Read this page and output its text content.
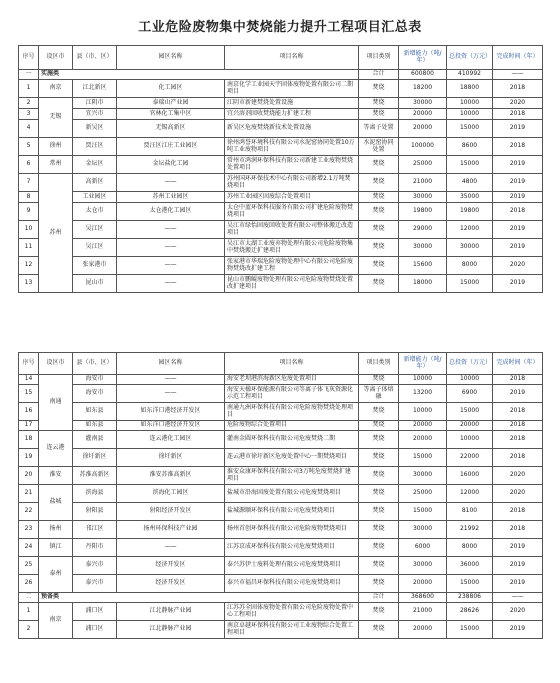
工业危险废物集中焚烧能力提升工程项目汇总表
序号	设区市	县（市、区）	园区名称	项目名称	项目类别	新增能力（吨/年）	总投资（万元）	完成时间（年）
一	实施类				合计	600800	410992	——
1	南京	江北新区	化工园区	南京化学工业园天宇固体废物处置有限公司二期项目	焚烧	18200	18800	2018
2	无锡	江阴市	泰瑞山产业园	江阴市新建焚烧处置设施	焚烧	30000	10000	2020
3		宜兴市	官林化工集中区	宜兴溶剂回收焚烧能力扩建工程	焚烧	20000	10000	2018
4		新吴区	无锡高新区	新吴区危废焚烧新技术处置设施	等离子处置	20000	15000	2019
5	徐州	贾汪区	贾汪区江庄工业园区	徐州鸿誉环境科技有限公司水泥窑协同处置10万吨工业废物项目	水泥窑协同处置	100000	8600	2018
6	常州	金坛区	金坛盐化工园	常州市鸿润环保科技有限公司新建工业废物焚烧处置项目	焚烧	25000	15000	2019
7	苏州	高新区	——	苏州国环环保技术中心有限公司新增2.1万吨焚烧项目	焚烧	21000	4800	2019
8		工业园区	苏州工业园区	苏州工业园区固废综合处置项目	焚烧	30000	35000	2019
9		太仓市	太仓港化工园区	太仓中蓝环保科技服务有限公司扩建危险废物焚烧项目	焚烧	19800	19800	2018
10		吴江区	——	吴江市绿怡固废回收处置有限公司整体搬迁改造项目	焚烧	29000	12000	2019
11		吴江区	——	吴江市太湖工业废弃物处理有限公司危险废物集中焚烧搬迁扩建项目	焚烧	30000	30000	2019
12		张家港市	——	张家港市华瑞危险废物处理中心有限公司危险废物焚烧改扩建工程	焚烧	15600	8000	2020
13		昆山市	——	昆山市鹏鲲废物处理有限公司危险废物焚烧处置改扩建项目	焚烧	18000	15000	2019
序号	设区市	县（市、区）	园区名称	项目名称	项目类别	新增能力（吨/年）	总投资（万元）	完成时间（年）
14	南通	海安市	——	海安老坝港滨海新区危废处置项目	焚烧	10000	10000	2018
15		海安市	——	海安天楹环保能源有限公司等离子体飞灰资源化示范工程项目	等离子体熔融	13200	6900	2019
16		如东县	如东洋口港经济开发区	南通九洲环保科技有限公司危险废物焚烧处理项目	焚烧	10000	15000	2018
17		如东县	如东洋口港经济开发区	危险废物综合处置项目	焚烧	20000	20000	2018
18	连云港	灌南县	连云港化工园区	灌南金圆环保科技有限公司危废焚烧二期	焚烧	20000	10000	2018
19		徐圩新区	徐圩新区	连云港市徐圩新区危废处置中心一期焚烧项目	焚烧	15000	22000	2018
20	淮安	苏淮高新区	淮安苏淮高新区	淮安众康环保科技有限公司3万吨危废焚烧扩建项目	焚烧	30000	16000	2020
21	盐城	滨海县	滨海化工园区	盐城市沿海固废处置有限公司危废焚烧项目	焚烧	25000	12000	2020
22		射阳县	射阳经济开发区	盐城源顺环保科技有限公司危废焚烧项目	焚烧	15000	8100	2018
23	扬州	邗江区	扬州环保科技产业园	扬州首创环保科技有限公司危险废物焚烧项目	焚烧	30000	21992	2018
24	镇江	丹阳市	——	江苏京成环保科技有限公司危废焚烧项目	焚烧	6000	8000	2019
25	泰州	泰兴市	经济开发区	泰兴苏伊士废料处理有限公司危废焚烧项目	焚烧	30000	36000	2019
26		泰兴市	经济开发区	泰兴市福昌环保科技有限公司危废焚烧项目	焚烧	20000	15000	2019
二	预备类				合计	368600	238806	——
1	南京	浦口区	江北静脉产业园	江苏苏全固体废物处置有限公司危险废物处置中心工程项目	焚烧	21000	28626	2020
2		浦口区	江北静脉产业园	南京卓越环保科技有限公司工业废物综合处置工程项目	焚烧	20000	15000	2019
